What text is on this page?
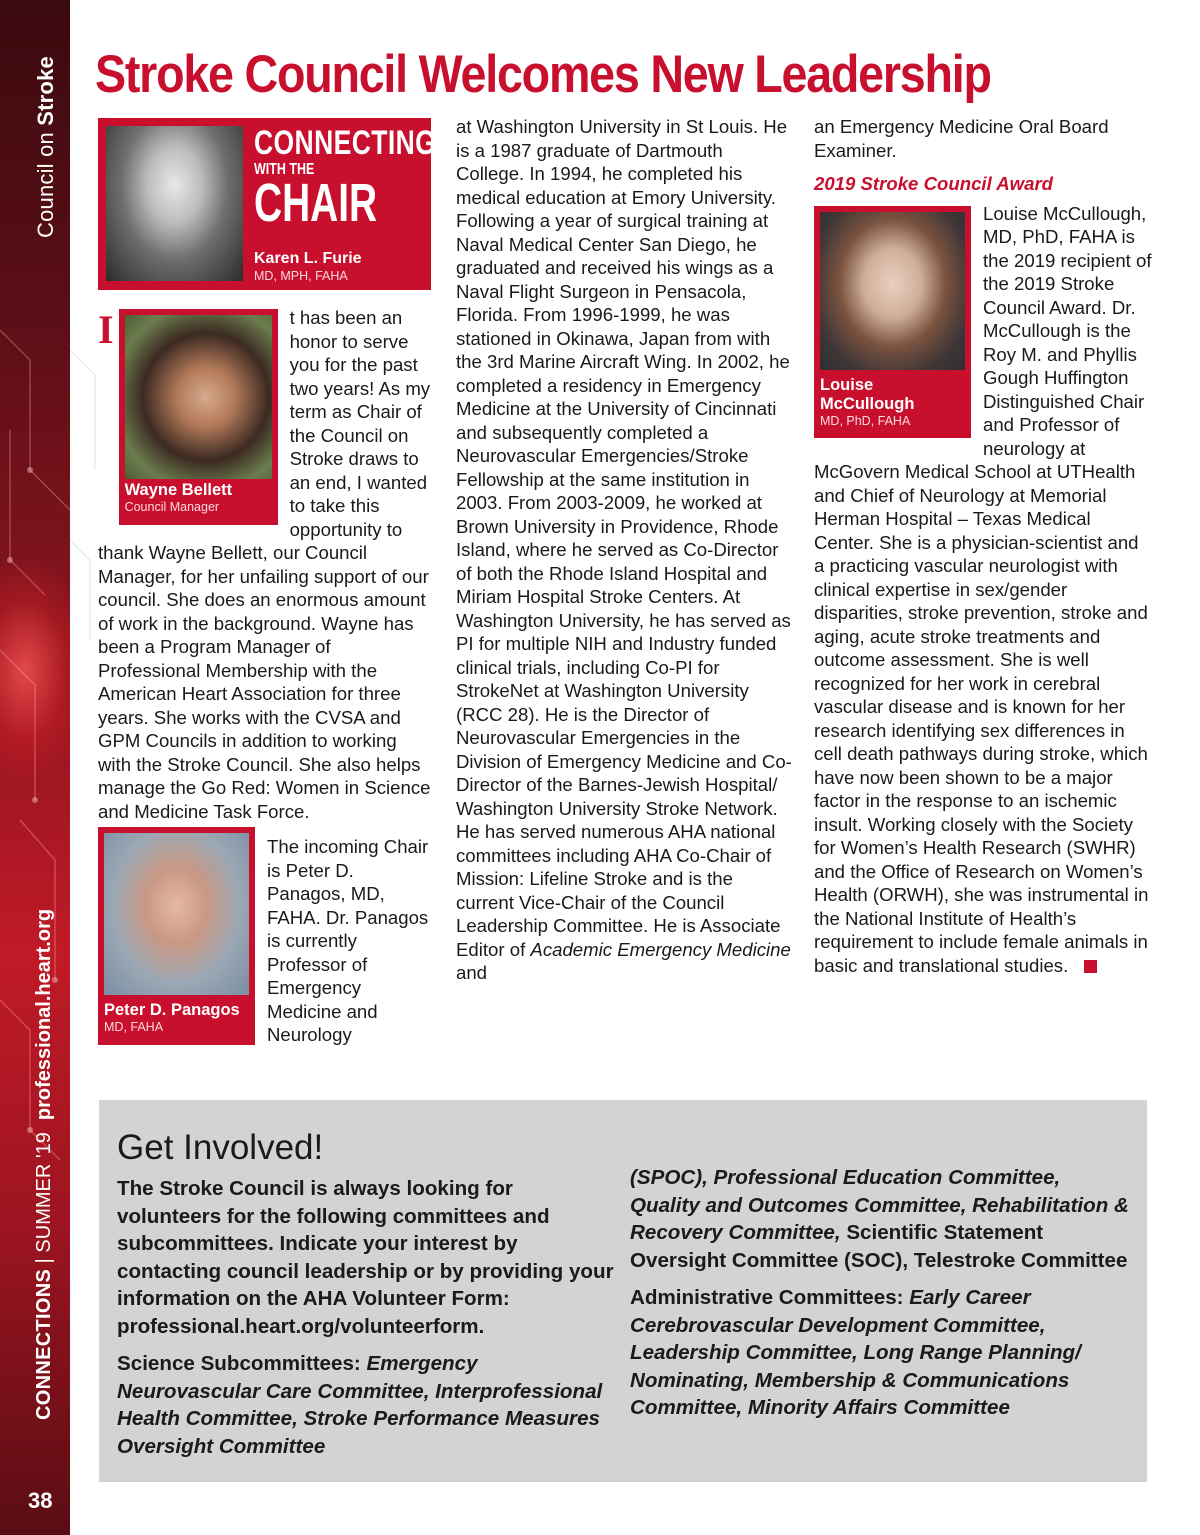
Council on Stroke
CONNECTIONS | SUMMER '19professional.heart.org
38
Stroke Council Welcomes New Leadership
CONNECTING
WITH THE
CHAIR
Karen L. Furie
MD, MPH, FAHA
I
Wayne Bellett
Council Manager

t has been an honor to serve you for the past two years! As my term as Chair of the Council on Stroke draws to an end, I wanted to take this opportunity to thank Wayne Bellett, our Council Manager, for her unfailing support of our council. She does an enormous amount of work in the background. Wayne has been a Program Manager of Professional Membership with the American Heart Association for three years. She works with the CVSA and GPM Councils in addition to working with the Stroke Council. She also helps manage the Go Red: Women in Science and Medicine Task Force.

Peter D. Panagos
MD, FAHA

The incoming Chair is Peter D. Panagos, MD, FAHA. Dr. Panagos is currently Professor of Emergency Medicine and Neurology

at Washington University in St Louis. He is a 1987 graduate of Dartmouth College. In 1994, he completed his medical education at Emory University. Following a year of surgical training at Naval Medical Center San Diego, he graduated and received his wings as a Naval Flight Surgeon in Pensacola, Florida. From 1996-1999, he was stationed in Okinawa, Japan from with the 3rd Marine Aircraft Wing. In 2002, he completed a residency in Emergency Medicine at the University of Cincinnati and subsequently completed a Neurovascular Emergencies/Stroke Fellowship at the same institution in 2003. From 2003-2009, he worked at Brown University in Providence, Rhode Island, where he served as Co-Director of both the Rhode Island Hospital and Miriam Hospital Stroke Centers. At Washington University, he has served as PI for multiple NIH and Industry funded clinical trials, including Co-PI for StrokeNet at Washington University (RCC 28). He is the Director of Neurovascular Emergencies in the Division of Emergency Medicine and Co-Director of the Barnes-Jewish Hospital/ Washington University Stroke Network. He has served numerous AHA national committees including AHA Co-Chair of Mission: Lifeline Stroke and is the current Vice-Chair of the Council Leadership Committee. He is Associate Editor of Academic Emergency Medicine and

an Emergency Medicine Oral Board Examiner.

2019 Stroke Council Award

Louise
McCullough
MD, PhD, FAHA

Louise McCullough, MD, PhD, FAHA is the 2019 recipient of the 2019 Stroke Council Award. Dr. McCullough is the Roy M. and Phyllis Gough Huffington Distinguished Chair and Professor of neurology at McGovern Medical School at UTHealth and Chief of Neurology at Memorial Herman Hospital – Texas Medical Center. She is a physician-scientist and a practicing vascular neurologist with clinical expertise in sex/gender disparities, stroke prevention, stroke and aging, acute stroke treatments and outcome assessment. She is well recognized for her work in cerebral vascular disease and is known for her research identifying sex differences in cell death pathways during stroke, which have now been shown to be a major factor in the response to an ischemic insult. Working closely with the Society for Women’s Health Research (SWHR) and the Office of Research on Women’s Health (ORWH), she was instrumental in the National Institute of Health’s requirement to include female animals in basic and translational studies.

Get Involved!

The Stroke Council is always looking for volunteers for the following committees and subcommittees. Indicate your interest by contacting council leadership or by providing your information on the AHA Volunteer Form: professional.heart.org/volunteerform.

Science Subcommittees: Emergency Neurovascular Care Committee, Interprofessional Health Committee, Stroke Performance Measures Oversight Committee

(SPOC), Professional Education Committee, Quality and Outcomes Committee, Rehabilitation & Recovery Committee, Scientific Statement Oversight Committee (SOC), Telestroke Committee

Administrative Committees: Early Career Cerebrovascular Development Committee, Leadership Committee, Long Range Planning/ Nominating, Membership & Communications Committee, Minority Affairs Committee
